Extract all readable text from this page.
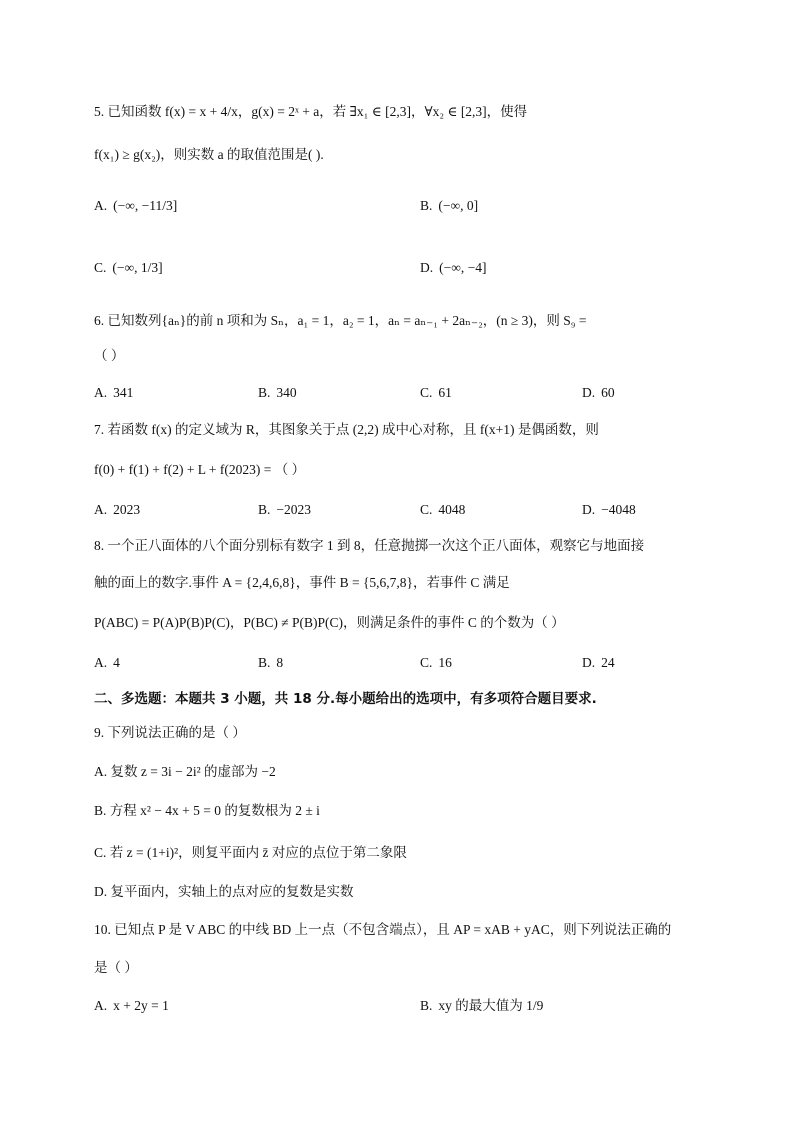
5. 已知函数 f(x) = x + 4/x，g(x) = 2ˣ + a，若 ∃x₁ ∈ [2,3]，∀x₂ ∈ [2,3]，使得
f(x₁) ≥ g(x₂)，则实数 a 的取值范围是( ).
A. (−∞, −11/3]	B. (−∞, 0]
C. (−∞, 1/3]	D. (−∞, −4]
6. 已知数列{aₙ}的前 n 项和为 Sₙ，a₁ = 1，a₂ = 1，aₙ = aₙ₋₁ + 2aₙ₋₂，(n ≥ 3)，则 S₉ =
（ ）
A. 341	B. 340	C. 61	D. 60
7. 若函数 f(x) 的定义域为 R，其图象关于点 (2,2) 成中心对称，且 f(x+1) 是偶函数，则
f(0) + f(1) + f(2) + L + f(2023) = （ ）
A. 2023	B. −2023	C. 4048	D. −4048
8. 一个正八面体的八个面分别标有数字 1 到 8，任意抛掷一次这个正八面体，观察它与地面接
触的面上的数字.事件 A = {2,4,6,8}，事件 B = {5,6,7,8}，若事件 C 满足
P(ABC) = P(A)P(B)P(C)，P(BC) ≠ P(B)P(C)，则满足条件的事件 C 的个数为（ ）
A. 4	B. 8	C. 16	D. 24
二、多选题：本题共 3 小题，共 18 分.每小题给出的选项中，有多项符合题目要求.
9. 下列说法正确的是（ ）
A. 复数 z = 3i − 2i² 的虚部为 −2
B. 方程 x² − 4x + 5 = 0 的复数根为 2 ± i
C. 若 z = (1+i)²，则复平面内 z̄ 对应的点位于第二象限
D. 复平面内，实轴上的点对应的复数是实数
10. 已知点 P 是 V ABC 的中线 BD 上一点（不包含端点），且 AP = xAB + yAC，则下列说法正确的
是（ ）
A. x + 2y = 1	B. xy 的最大值为 1/9
